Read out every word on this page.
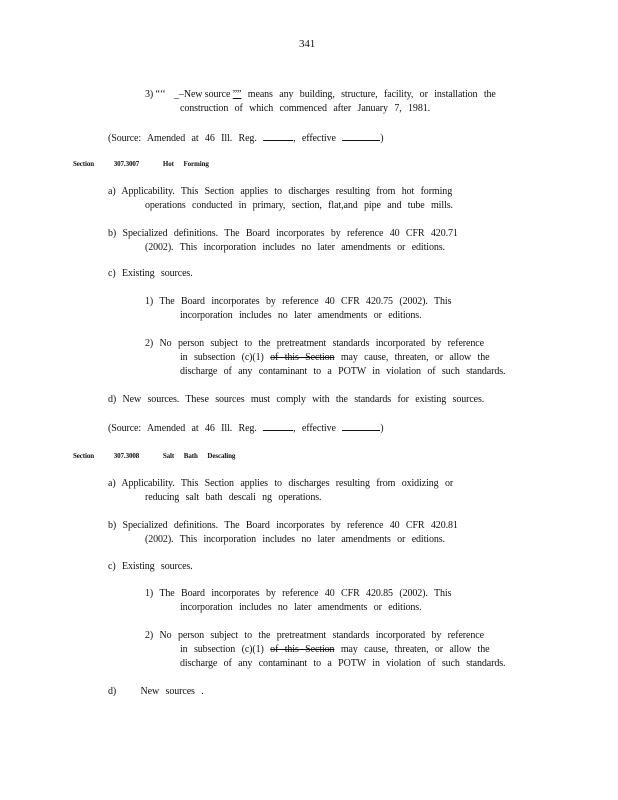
341
3) “‘‘ _–New source ”” means any building, structure, facility, or installation the
construction of which commenced after January 7, 1981.
(Source: Amended at 46 Ill. Reg.	, effective	)
Section	307.3007	Hot Forming
a) Applicability. This Section applies to discharges resulting from hot forming
operations conducted in primary, section, flat,and pipe and tube mills.
b) Specialized definitions. The Board incorporates by reference 40 CFR 420.71
(2002). This incorporation includes no later amendments or editions.
c) Existing sources.
1) The Board incorporates by reference 40 CFR 420.75 (2002). This
incorporation includes no later amendments or editions.
2) No person subject to the pretreatment standards incorporated by reference
in subsection (c)(1) of this Section may cause, threaten, or allow the
discharge of any contaminant to a POTW in violation of such standards.
d) New sources. These sources must comply with the standards for existing sources.
(Source: Amended at 46 Ill. Reg.	, effective	)
Section	307.3008	Salt Bath Descaling
a) Applicability. This Section applies to discharges resulting from oxidizing or
reducing salt bath descali ng operations.
b) Specialized definitions. The Board incorporates by reference 40 CFR 420.81
(2002). This incorporation includes no later amendments or editions.
c) Existing sources.
1) The Board incorporates by reference 40 CFR 420.85 (2002). This
incorporation includes no later amendments or editions.
2) No person subject to the pretreatment standards incorporated by reference
in subsection (c)(1) of this Section may cause, threaten, or allow the
discharge of any contaminant to a POTW in violation of such standards.
d) New sources .
